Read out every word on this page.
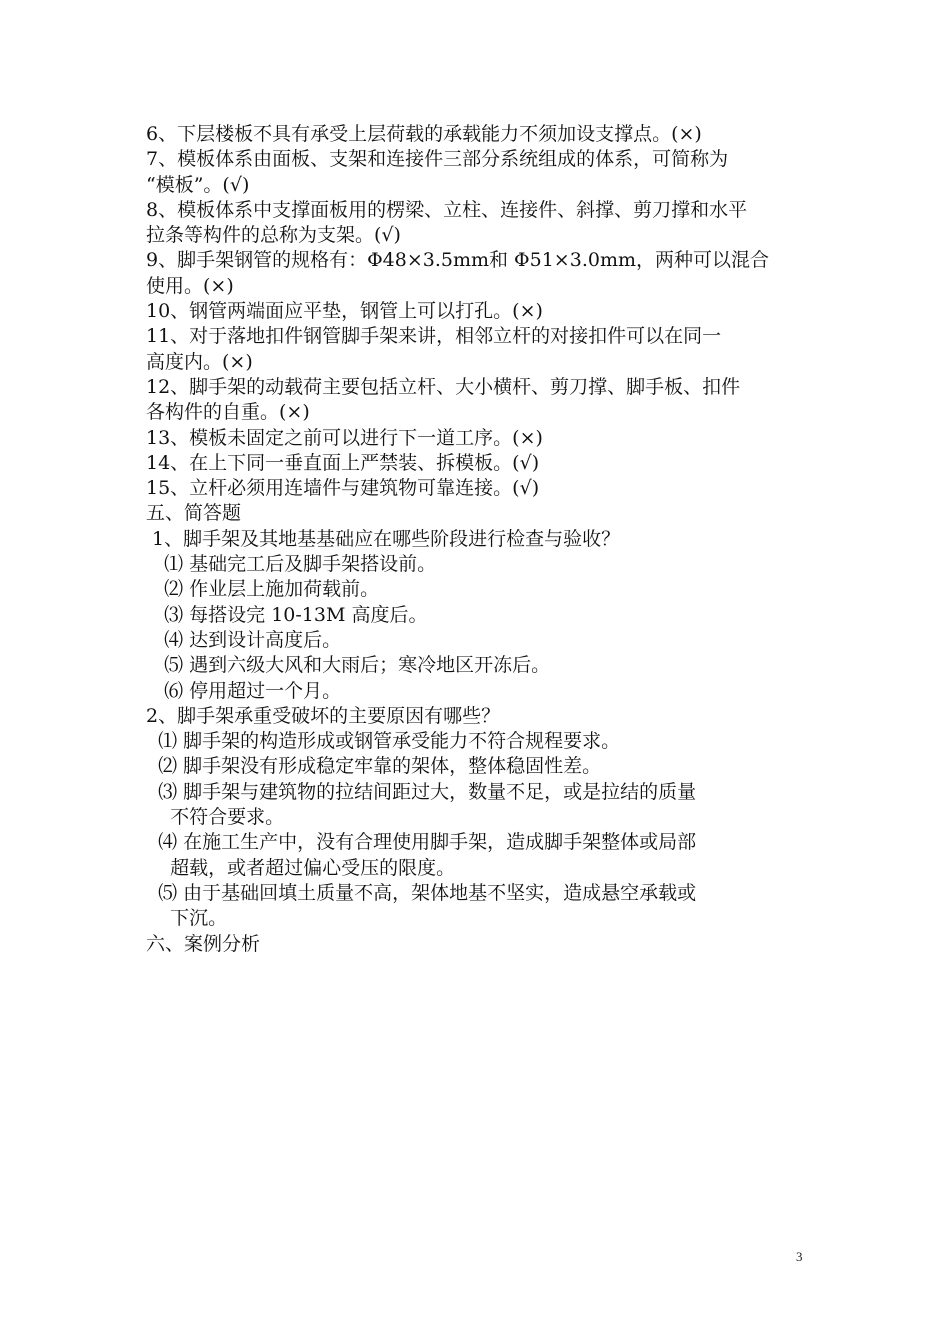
6、下层楼板不具有承受上层荷载的承载能力不须加设支撑点。(×)
7、模板体系由面板、支架和连接件三部分系统组成的体系，可简称为
“模板”。(√)
8、模板体系中支撑面板用的楞梁、立柱、连接件、斜撑、剪刀撑和水平
拉条等构件的总称为支架。(√)
9、脚手架钢管的规格有：Φ48×3.5mm和 Φ51×3.0mm，两种可以混合
使用。(×)
10、钢管两端面应平垫，钢管上可以打孔。(×)
11、对于落地扣件钢管脚手架来讲，相邻立杆的对接扣件可以在同一
高度内。(×)
12、脚手架的动载荷主要包括立杆、大小横杆、剪刀撑、脚手板、扣件
各构件的自重。(×)
13、模板未固定之前可以进行下一道工序。(×)
14、在上下同一垂直面上严禁装、拆模板。(√)
15、立杆必须用连墙件与建筑物可靠连接。(√)
五、简答题
1、脚手架及其地基基础应在哪些阶段进行检查与验收？
⑴ 基础完工后及脚手架搭设前。
⑵ 作业层上施加荷载前。
⑶ 每搭设完 10-13M 高度后。
⑷ 达到设计高度后。
⑸ 遇到六级大风和大雨后；寒冷地区开冻后。
⑹ 停用超过一个月。
2、脚手架承重受破坏的主要原因有哪些？
⑴ 脚手架的构造形成或钢管承受能力不符合规程要求。
⑵ 脚手架没有形成稳定牢靠的架体，整体稳固性差。
⑶ 脚手架与建筑物的拉结间距过大，数量不足，或是拉结的质量
不符合要求。
⑷ 在施工生产中，没有合理使用脚手架，造成脚手架整体或局部
超载，或者超过偏心受压的限度。
⑸ 由于基础回填土质量不高，架体地基不坚实，造成悬空承载或
下沉。
六、案例分析
3
